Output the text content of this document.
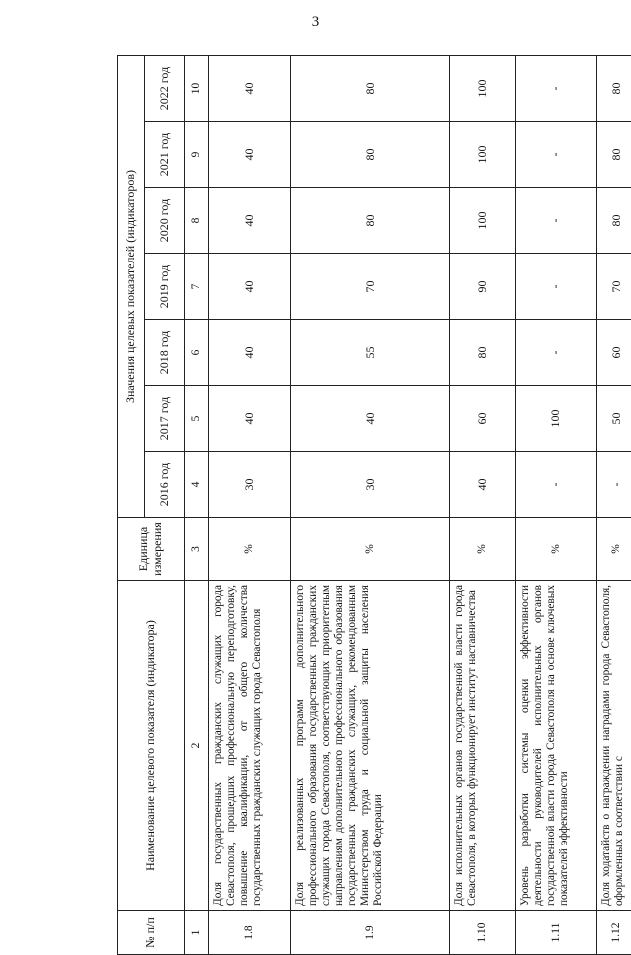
3
№ п/п	Наименование целевого показателя (индикатора)	Единица измерения	Значения целевых показателей (индикаторов)						
			2016 год	2017 год	2018 год	2019 год	2020 год	2021 год	2022 год
1	2	3	4	5	6	7	8	9	10
1.8	Доля государственных гражданских служащих города Севастополя, прошедших профессиональную переподготовку, повышение квалификации, от общего количества государственных гражданских служащих города Севастополя	%	30	40	40	40	40	40	40
1.9	Доля реализованных программ дополнительного профессионального образования государственных гражданских служащих города Севастополя, соответствующих приоритетным направлениям дополнительного профессионального образования государственных гражданских служащих, рекомендованным Министерством труда и социальной защиты населения Российской Федерации	%	30	40	55	70	80	80	80
1.10	Доля исполнительных органов государственной власти города Севастополя, в которых функционирует институт наставничества	%	40	60	80	90	100	100	100
1.11	Уровень разработки системы оценки эффективности деятельности руководителей исполнительных органов государственной власти города Севастополя на основе ключевых показателей эффективности	%	-	100	-	-	-	-	-
1.12	Доля ходатайств о награждении наградами города Севастополя, оформленных в соответствии с	%	-	50	60	70	80	80	80
